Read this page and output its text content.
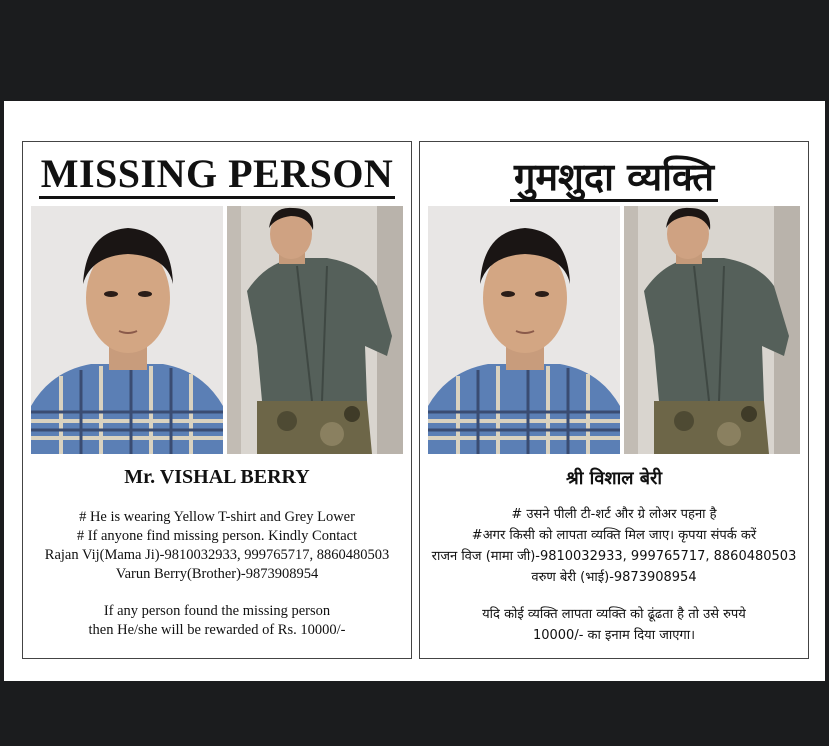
MISSING PERSON
Mr. VISHAL BERRY
# He is wearing Yellow T-shirt and Grey Lower
# If anyone find missing person. Kindly Contact
Rajan Vij(Mama Ji)-9810032933, 999765717, 8860480503
Varun Berry(Brother)-9873908954
If any person found the missing person
then He/she will be rewarded of Rs. 10000/-
गुमशुदा व्यक्ति
श्री विशाल बेरी
# उसने पीली टी-शर्ट और ग्रे लोअर पहना है
#अगर किसी को लापता व्यक्ति मिल जाए। कृपया संपर्क करें
राजन विज (मामा जी)-9810032933, 999765717, 8860480503
वरुण बेरी (भाई)-9873908954
यदि कोई व्यक्ति लापता व्यक्ति को ढूंढता है तो उसे रुपये
10000/- का इनाम दिया जाएगा।
